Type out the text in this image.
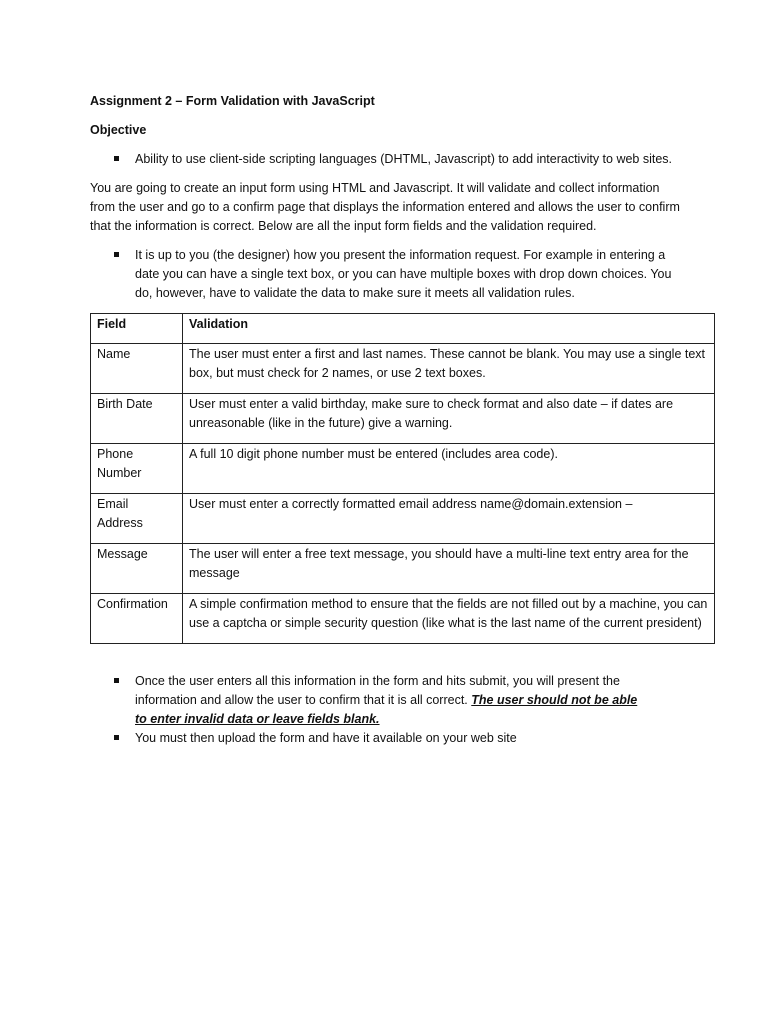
Assignment 2 – Form Validation with JavaScript

Objective

Ability to use client-side scripting languages (DHTML, Javascript) to add interactivity to web sites.

You are going to create an input form using HTML and Javascript. It will validate and collect information from the user and go to a confirm page that displays the information entered and allows the user to confirm that the information is correct. Below are all the input form fields and the validation required.

It is up to you (the designer) how you present the information request. For example in entering a date you can have a single text box, or you can have multiple boxes with drop down choices. You do, however, have to validate the data to make sure it meets all validation rules.
Field	Validation
Name	The user must enter a first and last names. These cannot be blank. You may use a single text box, but must check for 2 names, or use 2 text boxes.
Birth Date	User must enter a valid birthday, make sure to check format and also date – if dates are unreasonable (like in the future) give a warning.
Phone Number	A full 10 digit phone number must be entered (includes area code).
Email Address	User must enter a correctly formatted email address name@domain.extension –
Message	The user will enter a free text message, you should have a multi-line text entry area for the message
Confirmation	A simple confirmation method to ensure that the fields are not filled out by a machine, you can use a captcha or simple security question (like what is the last name of the current president)
Once the user enters all this information in the form and hits submit, you will present the information and allow the user to confirm that it is all correct. The user should not be able to enter invalid data or leave fields blank.
You must then upload the form and have it available on your web site
